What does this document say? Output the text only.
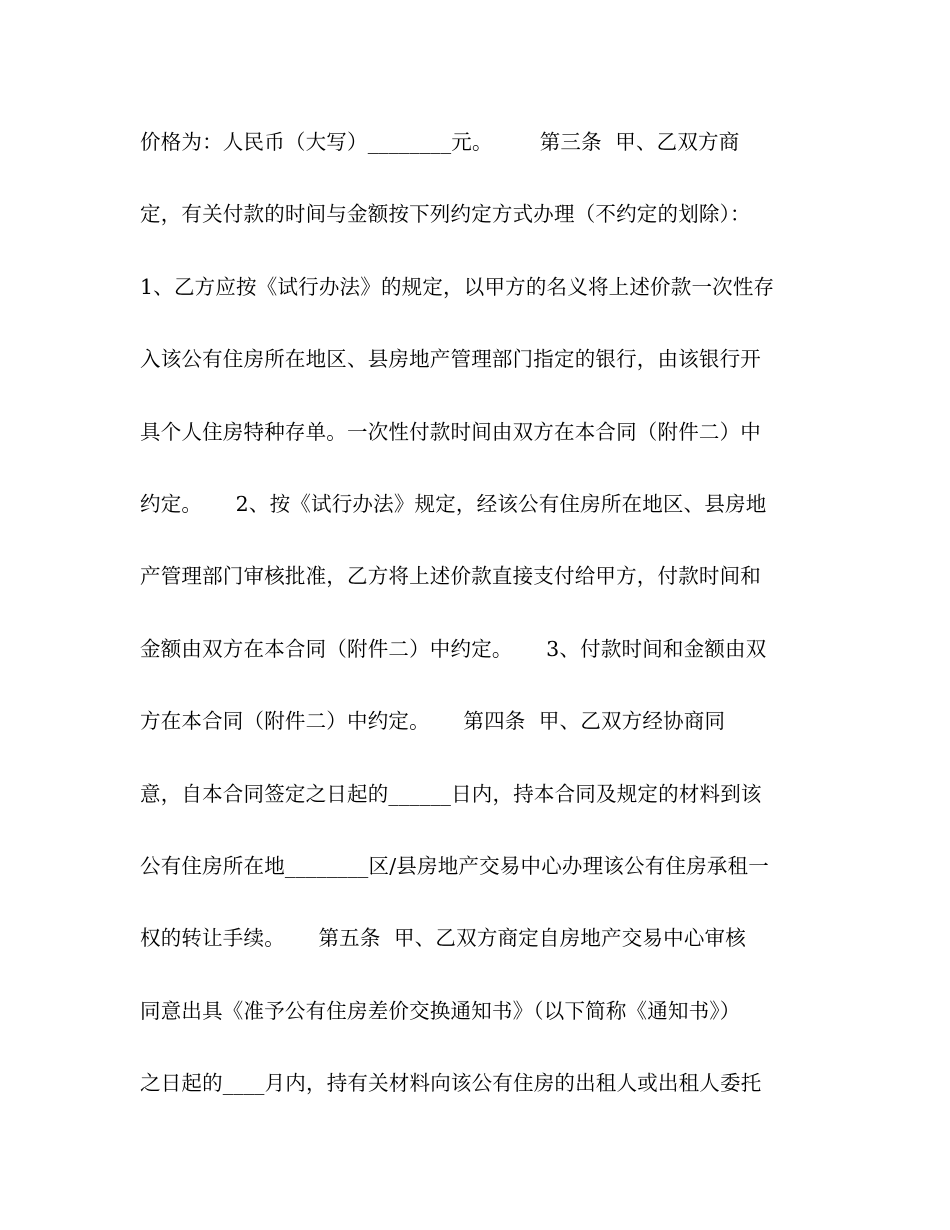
价格为：人民币（大写）________元。       第三条  甲、乙双方商
定，有关付款的时间与金额按下列约定方式办理（不约定的划除）：
1、乙方应按《试行办法》的规定，以甲方的名义将上述价款一次性存
入该公有住房所在地区、县房地产管理部门指定的银行，由该银行开
具个人住房特种存单。一次性付款时间由双方在本合同（附件二）中
约定。     2、按《试行办法》规定，经该公有住房所在地区、县房地
产管理部门审核批准，乙方将上述价款直接支付给甲方，付款时间和
金额由双方在本合同（附件二）中约定。     3、付款时间和金额由双
方在本合同（附件二）中约定。     第四条  甲、乙双方经协商同
意，自本合同签定之日起的______日内，持本合同及规定的材料到该
公有住房所在地________区/县房地产交易中心办理该公有住房承租一
权的转让手续。     第五条  甲、乙双方商定自房地产交易中心审核
同意出具《准予公有住房差价交换通知书》（以下简称《通知书》）
之日起的____月内，持有关材料向该公有住房的出租人或出租人委托
